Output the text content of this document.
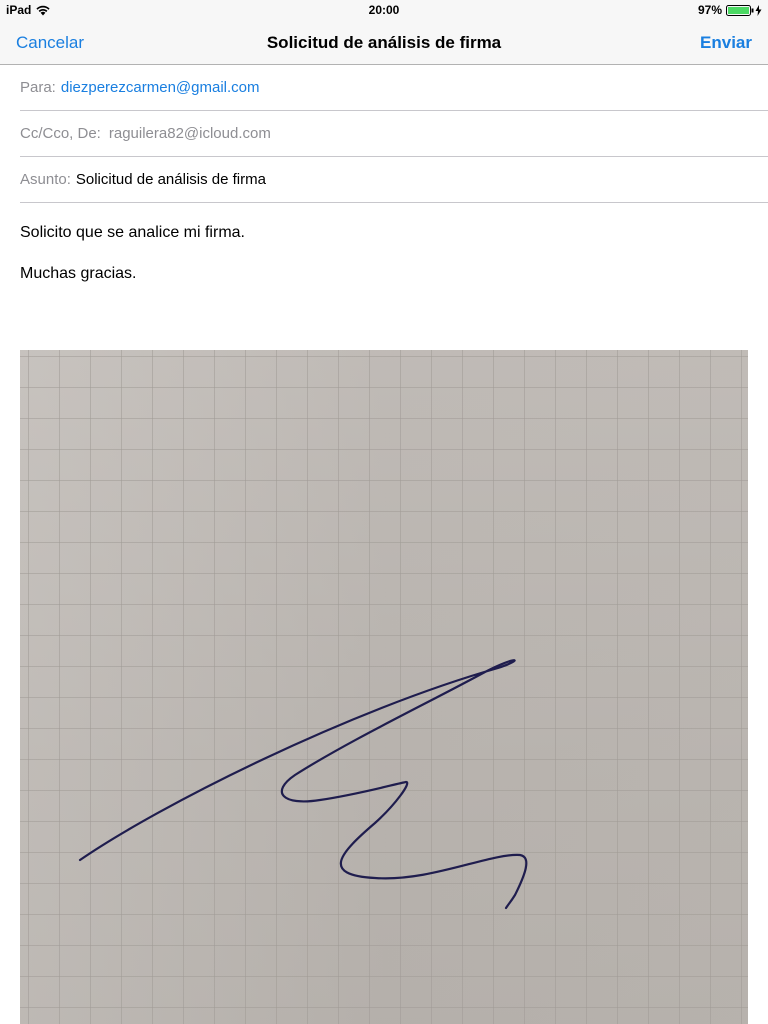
iPad	20:00	97%
Cancelar	Solicitud de análisis de firma	Enviar
Para: diezperezcarmen@gmail.com
Cc/Cco, De: raguilera82@icloud.com
Asunto: Solicitud de análisis de firma
Solicito que se analice mi firma.
Muchas gracias.
